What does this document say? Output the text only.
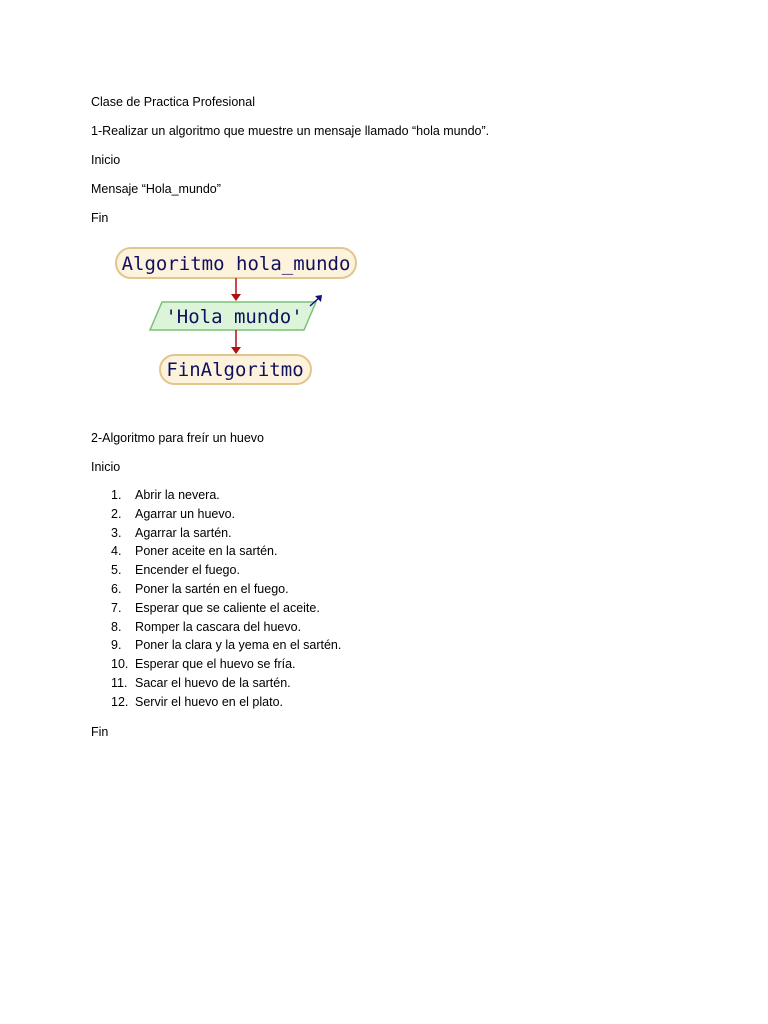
Clase de Practica Profesional
1-Realizar un algoritmo que muestre un mensaje llamado “hola mundo”.
Inicio
Mensaje “Hola_mundo”
Fin
Algoritmo hola_mundo
'Hola mundo'
FinAlgoritmo
2-Algoritmo para freír un huevo
Inicio
1.	Abrir la nevera.
2.	Agarrar un huevo.
3.	Agarrar la sartén.
4.	Poner aceite en la sartén.
5.	Encender el fuego.
6.	Poner la sartén en el fuego.
7.	Esperar que se caliente el aceite.
8.	Romper la cascara del huevo.
9.	Poner la clara y la yema en el sartén.
10. Esperar que el huevo se fría.
11. Sacar el huevo de la sartén.
12. Servir el huevo en el plato.
Fin
